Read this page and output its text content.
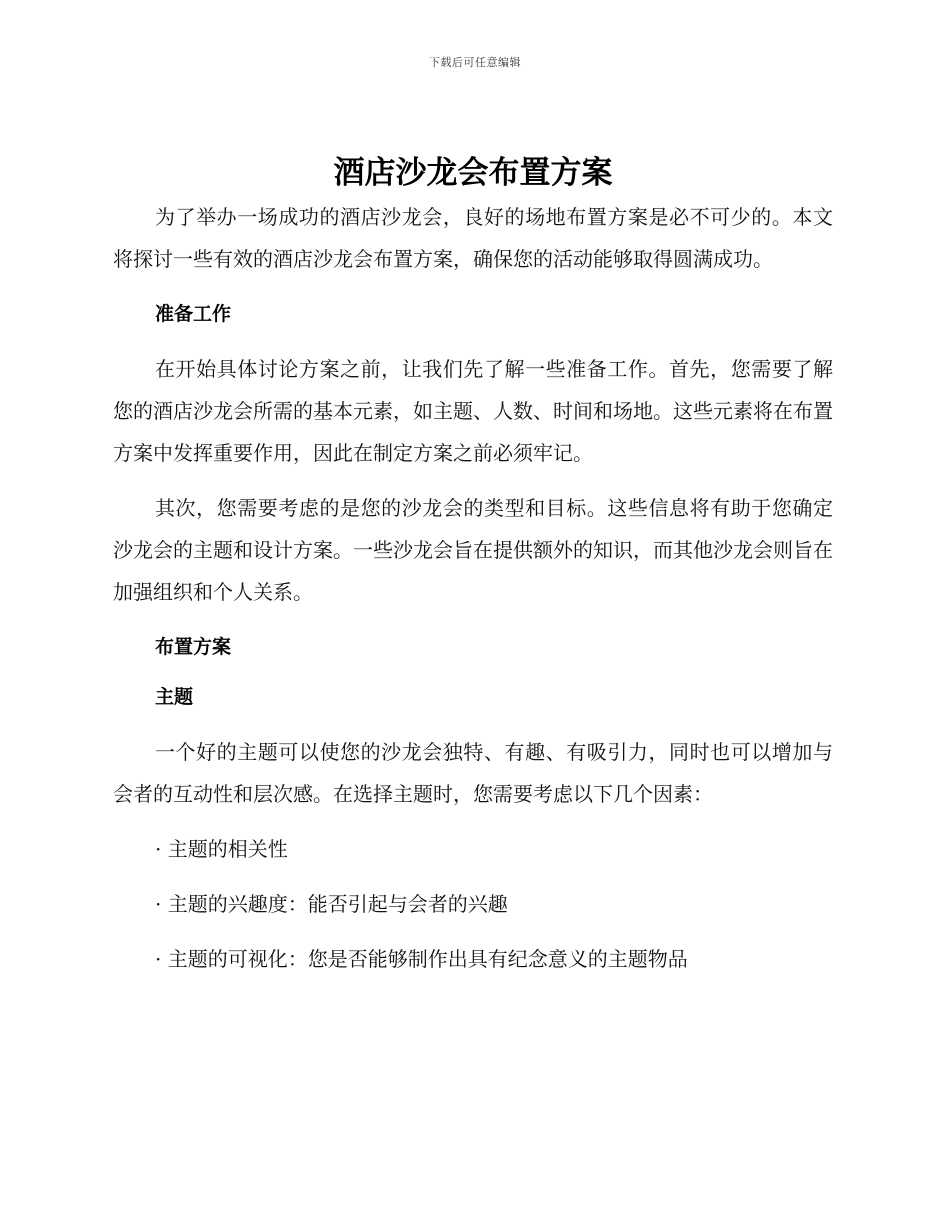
下载后可任意编辑
酒店沙龙会布置方案

为了举办一场成功的酒店沙龙会，良好的场地布置方案是必不可少的。本文将探讨一些有效的酒店沙龙会布置方案，确保您的活动能够取得圆满成功。

准备工作

在开始具体讨论方案之前，让我们先了解一些准备工作。首先，您需要了解您的酒店沙龙会所需的基本元素，如主题、人数、时间和场地。这些元素将在布置方案中发挥重要作用，因此在制定方案之前必须牢记。

其次，您需要考虑的是您的沙龙会的类型和目标。这些信息将有助于您确定沙龙会的主题和设计方案。一些沙龙会旨在提供额外的知识，而其他沙龙会则旨在加强组织和个人关系。

布置方案

主题

一个好的主题可以使您的沙龙会独特、有趣、有吸引力，同时也可以增加与会者的互动性和层次感。在选择主题时，您需要考虑以下几个因素：

· 主题的相关性

· 主题的兴趣度：能否引起与会者的兴趣

· 主题的可视化：您是否能够制作出具有纪念意义的主题物品
